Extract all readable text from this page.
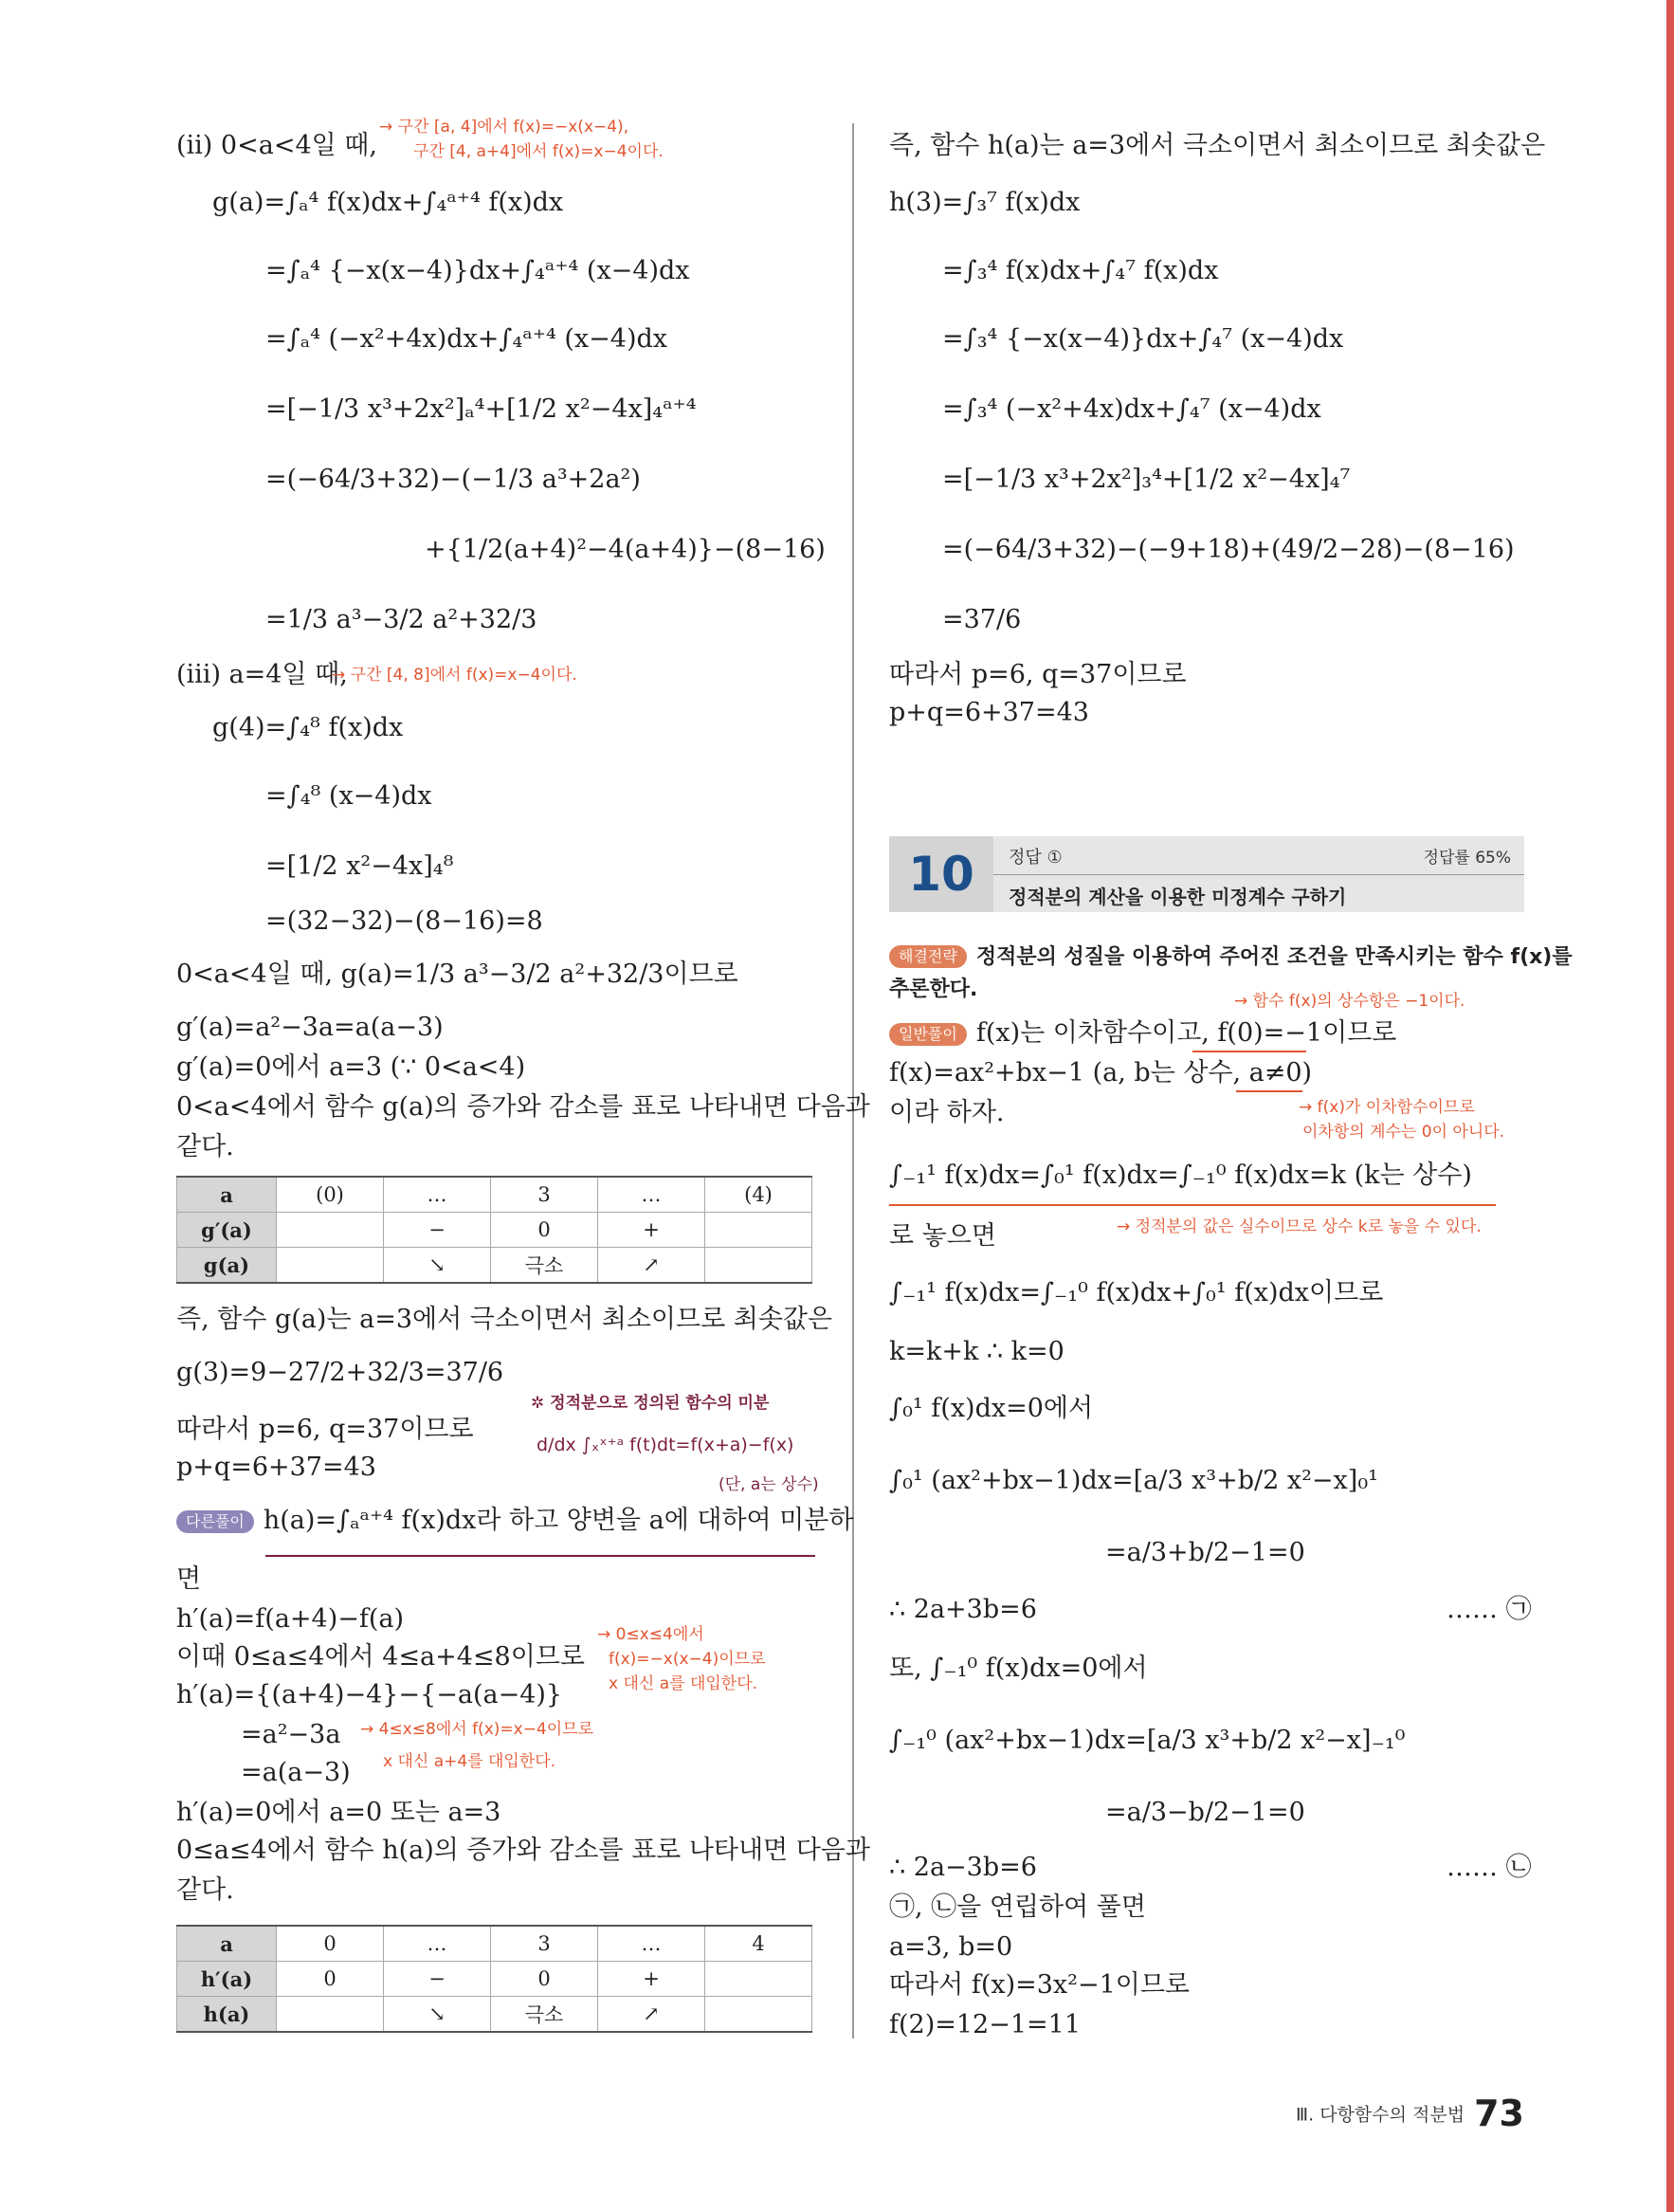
(ⅱ) 0<a<4일 때,
→ 구간 [a, 4]에서 f(x)=−x(x−4),
구간 [4, a+4]에서 f(x)=x−4이다.
g(a)=∫ₐ⁴ f(x)dx+∫₄ᵃ⁺⁴ f(x)dx
=∫ₐ⁴ {−x(x−4)}dx+∫₄ᵃ⁺⁴ (x−4)dx
=∫ₐ⁴ (−x²+4x)dx+∫₄ᵃ⁺⁴ (x−4)dx
=[−1/3 x³+2x²]ₐ⁴+[1/2 x²−4x]₄ᵃ⁺⁴
=(−64/3+32)−(−1/3 a³+2a²)
+{1/2(a+4)²−4(a+4)}−(8−16)
=1/3 a³−3/2 a²+32/3
(ⅲ) a=4일 때,
→ 구간 [4, 8]에서 f(x)=x−4이다.
g(4)=∫₄⁸ f(x)dx
=∫₄⁸ (x−4)dx
=[1/2 x²−4x]₄⁸
=(32−32)−(8−16)=8
0<a<4일 때, g(a)=1/3 a³−3/2 a²+32/3이므로
g′(a)=a²−3a=a(a−3)
g′(a)=0에서 a=3 (∵ 0<a<4)
0<a<4에서 함수 g(a)의 증가와 감소를 표로 나타내면 다음과
같다.
a	(0)	…	3	…	(4)
g′(a)		−	0	+	
g(a)		↘	극소	↗	
즉, 함수 g(a)는 a=3에서 극소이면서 최소이므로 최솟값은
g(3)=9−27/2+32/3=37/6
따라서 p=6, q=37이므로
p+q=6+37=43
✲ 정적분으로 정의된 함수의 미분
d/dx ∫ₓˣ⁺ᵃ f(t)dt=f(x+a)−f(x)
(단, a는 상수)
다른풀이 h(a)=∫ₐᵃ⁺⁴ f(x)dx라 하고 양변을 a에 대하여 미분하
면
h′(a)=f(a+4)−f(a)
이때 0≤a≤4에서 4≤a+4≤8이므로
→ 0≤x≤4에서
f(x)=−x(x−4)이므로
x 대신 a를 대입한다.
h′(a)={(a+4)−4}−{−a(a−4)}
=a²−3a → 4≤x≤8에서 f(x)=x−4이므로
=a(a−3) x 대신 a+4를 대입한다.
h′(a)=0에서 a=0 또는 a=3
0≤a≤4에서 함수 h(a)의 증가와 감소를 표로 나타내면 다음과
같다.
a	0	…	3	…	4
h′(a)	0	−	0	+	
h(a)		↘	극소	↗	
즉, 함수 h(a)는 a=3에서 극소이면서 최소이므로 최솟값은
h(3)=∫₃⁷ f(x)dx
=∫₃⁴ f(x)dx+∫₄⁷ f(x)dx
=∫₃⁴ {−x(x−4)}dx+∫₄⁷ (x−4)dx
=∫₃⁴ (−x²+4x)dx+∫₄⁷ (x−4)dx
=[−1/3 x³+2x²]₃⁴+[1/2 x²−4x]₄⁷
=(−64/3+32)−(−9+18)+(49/2−28)−(8−16)
=37/6
따라서 p=6, q=37이므로
p+q=6+37=43
10	정답 ①	정답률 65%
정적분의 계산을 이용한 미정계수 구하기
해결전략 정적분의 성질을 이용하여 주어진 조건을 만족시키는 함수 f(x)를
추론한다.	→ 함수 f(x)의 상수항은 −1이다.
일반풀이 f(x)는 이차함수이고, f(0)=−1이므로
f(x)=ax²+bx−1 (a, b는 상수, a≠0)
이라 하자.	→ f(x)가 이차함수이므로
이차항의 계수는 0이 아니다.
∫₋₁¹ f(x)dx=∫₀¹ f(x)dx=∫₋₁⁰ f(x)dx=k (k는 상수)
로 놓으면	→ 정적분의 값은 실수이므로 상수 k로 놓을 수 있다.
∫₋₁¹ f(x)dx=∫₋₁⁰ f(x)dx+∫₀¹ f(x)dx이므로
k=k+k ∴ k=0
∫₀¹ f(x)dx=0에서
∫₀¹ (ax²+bx−1)dx=[a/3 x³+b/2 x²−x]₀¹
=a/3+b/2−1=0
∴ 2a+3b=6	…… ㉠
또, ∫₋₁⁰ f(x)dx=0에서
∫₋₁⁰ (ax²+bx−1)dx=[a/3 x³+b/2 x²−x]₋₁⁰
=a/3−b/2−1=0
∴ 2a−3b=6	…… ㉡
㉠, ㉡을 연립하여 풀면
a=3, b=0
따라서 f(x)=3x²−1이므로
f(2)=12−1=11
Ⅲ. 다항함수의 적분법 73
